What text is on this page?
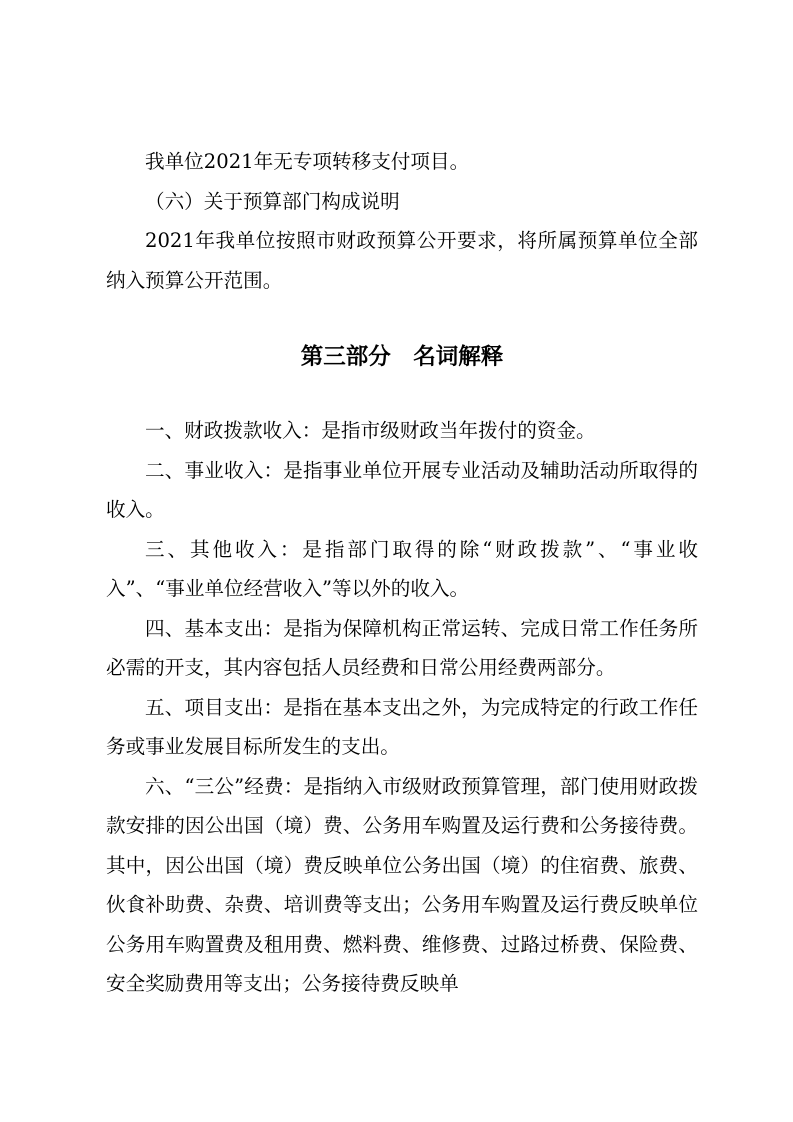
我单位2021年无专项转移支付项目。

（六）关于预算部门构成说明

2021年我单位按照市财政预算公开要求，将所属预算单位全部纳入预算公开范围。

第三部分　名词解释

一、财政拨款收入：是指市级财政当年拨付的资金。

二、事业收入：是指事业单位开展专业活动及辅助活动所取得的收入。

三、其他收入：是指部门取得的除“财政拨款”、“事业收入”、“事业单位经营收入”等以外的收入。

四、基本支出：是指为保障机构正常运转、完成日常工作任务所必需的开支，其内容包括人员经费和日常公用经费两部分。

五、项目支出：是指在基本支出之外，为完成特定的行政工作任务或事业发展目标所发生的支出。

六、“三公”经费：是指纳入市级财政预算管理，部门使用财政拨款安排的因公出国（境）费、公务用车购置及运行费和公务接待费。其中，因公出国（境）费反映单位公务出国（境）的住宿费、旅费、伙食补助费、杂费、培训费等支出；公务用车购置及运行费反映单位公务用车购置费及租用费、燃料费、维修费、过路过桥费、保险费、安全奖励费用等支出；公务接待费反映单
